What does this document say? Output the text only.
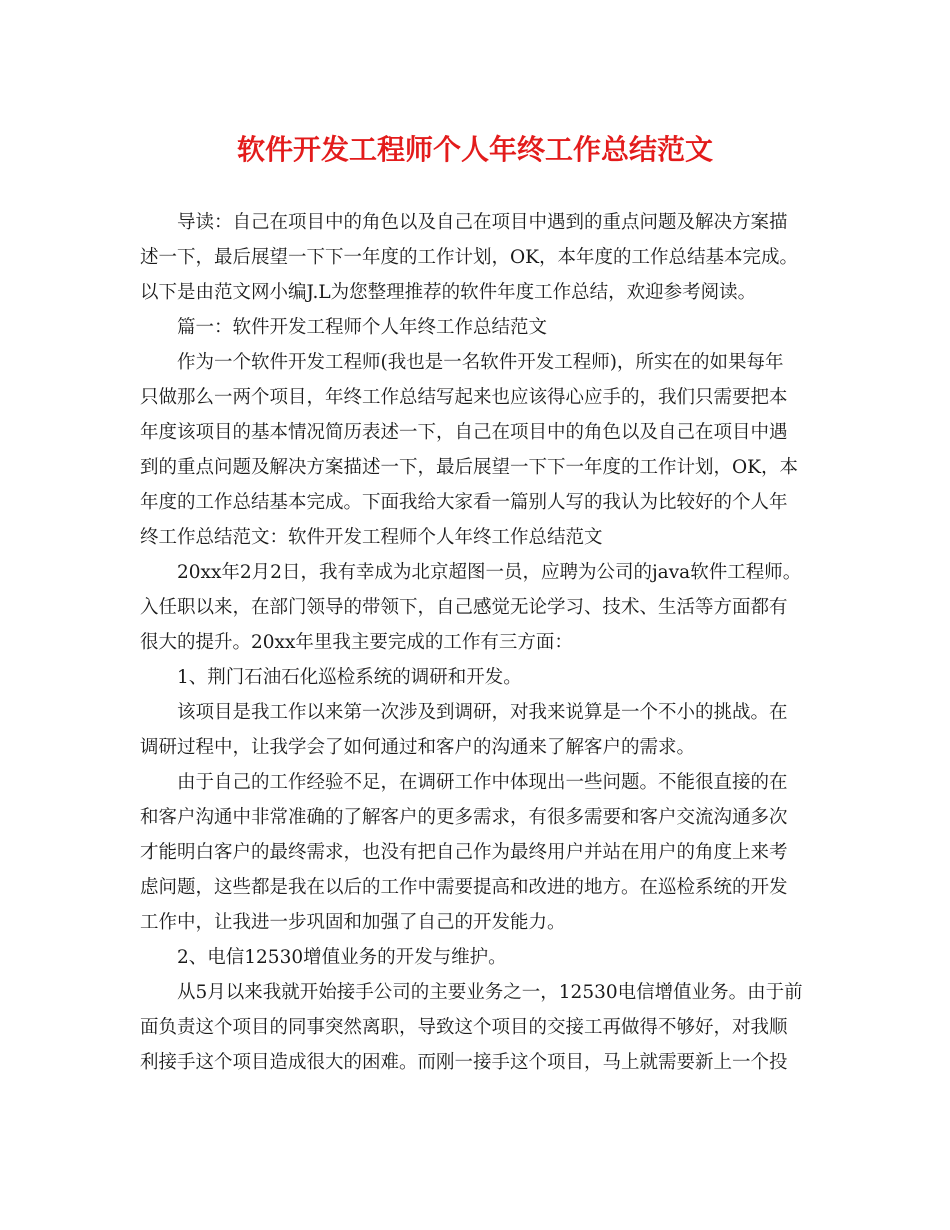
软件开发工程师个人年终工作总结范文

导读：自己在项目中的角色以及自己在项目中遇到的重点问题及解决方案描

述一下，最后展望一下下一年度的工作计划，OK，本年度的工作总结基本完成。

以下是由范文网小编J.L为您整理推荐的软件年度工作总结，欢迎参考阅读。

篇一：软件开发工程师个人年终工作总结范文

作为一个软件开发工程师(我也是一名软件开发工程师)，所实在的如果每年

只做那么一两个项目，年终工作总结写起来也应该得心应手的，我们只需要把本

年度该项目的基本情况简历表述一下，自己在项目中的角色以及自己在项目中遇

到的重点问题及解决方案描述一下，最后展望一下下一年度的工作计划，OK，本

年度的工作总结基本完成。下面我给大家看一篇别人写的我认为比较好的个人年

终工作总结范文：软件开发工程师个人年终工作总结范文

20xx年2月2日，我有幸成为北京超图一员，应聘为公司的java软件工程师。

入任职以来，在部门领导的带领下，自己感觉无论学习、技术、生活等方面都有

很大的提升。20xx年里我主要完成的工作有三方面：

1、荆门石油石化巡检系统的调研和开发。

该项目是我工作以来第一次涉及到调研，对我来说算是一个不小的挑战。在

调研过程中，让我学会了如何通过和客户的沟通来了解客户的需求。

由于自己的工作经验不足，在调研工作中体现出一些问题。不能很直接的在

和客户沟通中非常准确的了解客户的更多需求，有很多需要和客户交流沟通多次

才能明白客户的最终需求，也没有把自己作为最终用户并站在用户的角度上来考

虑问题，这些都是我在以后的工作中需要提高和改进的地方。在巡检系统的开发

工作中，让我进一步巩固和加强了自己的开发能力。

2、电信12530增值业务的开发与维护。

从5月以来我就开始接手公司的主要业务之一，12530电信增值业务。由于前

面负责这个项目的同事突然离职，导致这个项目的交接工再做得不够好，对我顺

利接手这个项目造成很大的困难。而刚一接手这个项目，马上就需要新上一个投
